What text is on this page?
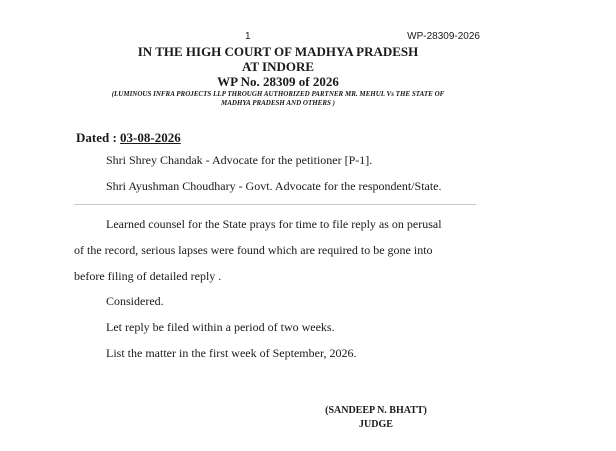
1	WP-28309-2026
IN THE HIGH COURT OF MADHYA PRADESH
AT INDORE
WP No. 28309 of 2026
(LUMINOUS INFRA PROJECTS LLP THROUGH AUTHORIZED PARTNER MR. MEHUL Vs THE STATE OF
MADHYA PRADESH AND OTHERS )
Dated : 03-08-2026
Shri Shrey Chandak - Advocate for the petitioner [P-1].
Shri Ayushman Choudhary - Govt. Advocate for the respondent/State.
Learned counsel for the State prays for time to file reply as on perusal
of the record, serious lapses were found which are required to be gone into
before filing of detailed reply .
Considered.
Let reply be filed within a period of two weeks.
List the matter in the first week of September, 2026.
(SANDEEP N. BHATT)
JUDGE
